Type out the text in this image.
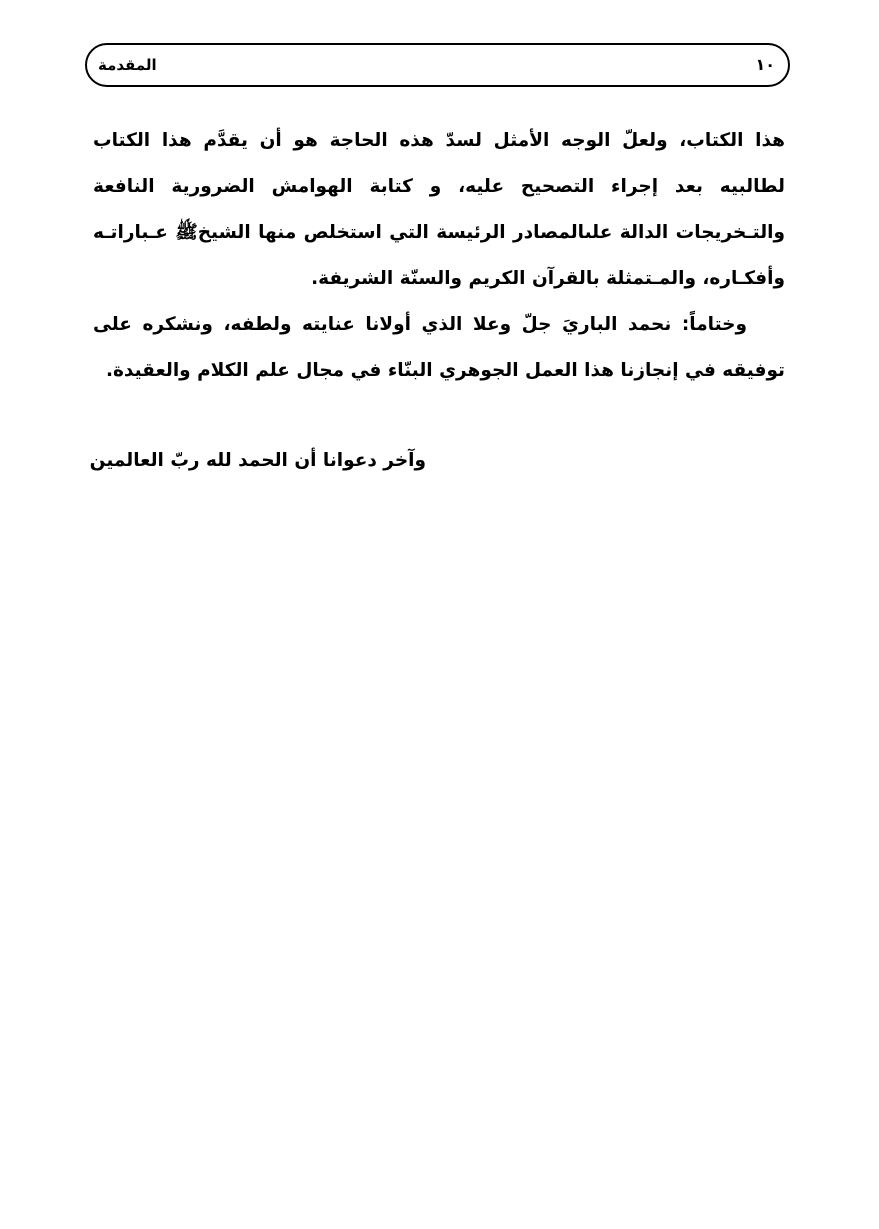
المقدمة	١٠

هذا الكتاب، ولعلّ الوجه الأمثل لسدّ هذه الحاجة هو أن يقدَّم هذا الكتاب لطالبيه بعد إجراء التصحيح عليه، و كتابة الهوامش الضرورية النافعة والتـخريجات الدالة علىالمصادر الرئيسة التي استخلص منها الشيخﷺ عـباراتـه وأفكـاره، والمـتمثلة بالقرآن الكريم والسنّة الشريفة.

وختاماً: نحمد الباريَ جلّ وعلا الذي أولانا عنايته ولطفه، ونشكره على توفيقه في إنجازنا هذا العمل الجوهري البنّاء في مجال علم الكلام والعقيدة.

وآخر دعوانا أن الحمد لله ربّ العالمين
